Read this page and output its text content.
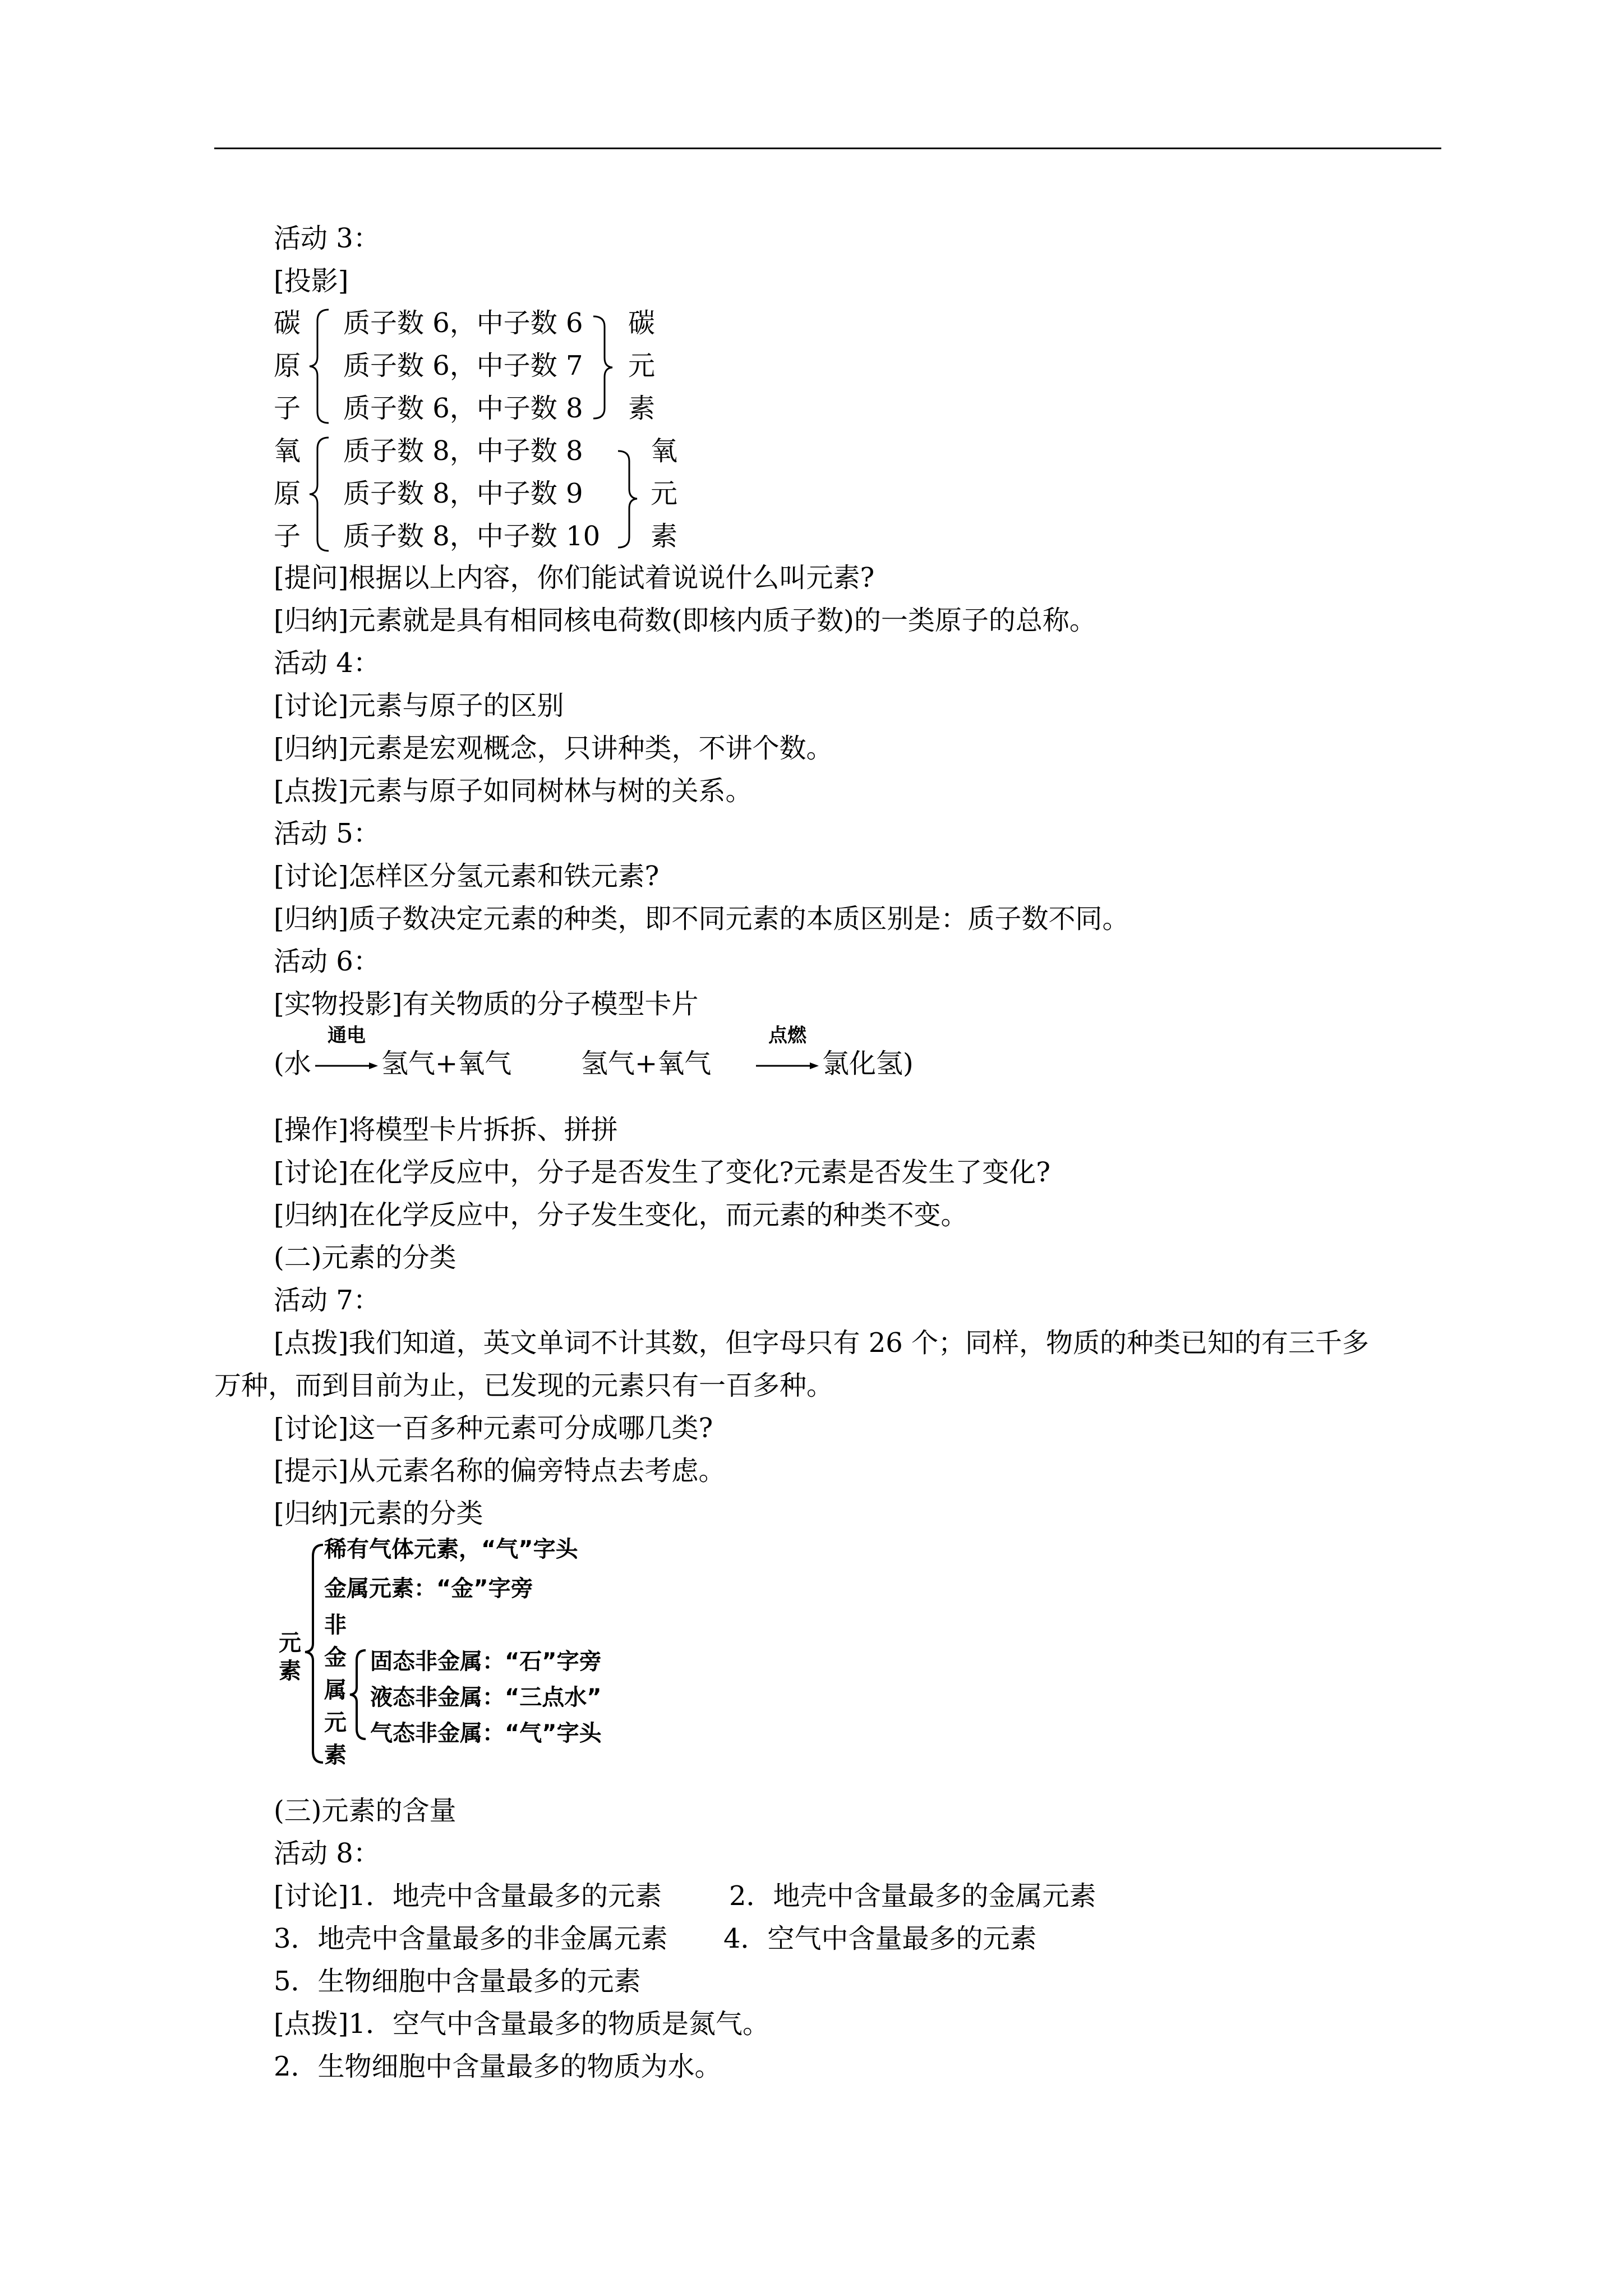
活动 3：

[投影]

碳
原
子
质子数 6，中子数 6
质子数 6，中子数 7
质子数 6，中子数 8
碳
元
素
氧
原
子
质子数 8，中子数 8
质子数 8，中子数 9
质子数 8，中子数 10
氧
元
素

[提问]根据以上内容，你们能试着说说什么叫元素?

[归纳]元素就是具有相同核电荷数(即核内质子数)的一类原子的总称。

活动 4：

[讨论]元素与原子的区别

[归纳]元素是宏观概念，只讲种类，不讲个数。

[点拨]元素与原子如同树林与树的关系。

活动 5：

[讨论]怎样区分氢元素和铁元素?

[归纳]质子数决定元素的种类，即不同元素的本质区别是：质子数不同。

活动 6：

[实物投影]有关物质的分子模型卡片

(水
通电
氢气+氧气	氢气+氧气
点燃
氯化氢)

[操作]将模型卡片拆拆、拼拼

[讨论]在化学反应中，分子是否发生了变化?元素是否发生了变化?

[归纳]在化学反应中，分子发生变化，而元素的种类不变。

(二)元素的分类

活动 7：

[点拨]我们知道，英文单词不计其数，但字母只有 26 个；同样，物质的种类已知的有三千多

万种，而到目前为止，已发现的元素只有一百多种。

[讨论]这一百多种元素可分成哪几类?

[提示]从元素名称的偏旁特点去考虑。

[归纳]元素的分类

元
素
稀有气体元素，“气”字头
金属元素：“金”字旁
非
金
属
元
素
固态非金属：“石”字旁
液态非金属：“三点水”
气态非金属：“气”字头

(三)元素的含量

活动 8：

[讨论]1．地壳中含量最多的元素	2．地壳中含量最多的金属元素

3．地壳中含量最多的非金属元素 4．空气中含量最多的元素

5．生物细胞中含量最多的元素

[点拨]1．空气中含量最多的物质是氮气。

2．生物细胞中含量最多的物质为水。
